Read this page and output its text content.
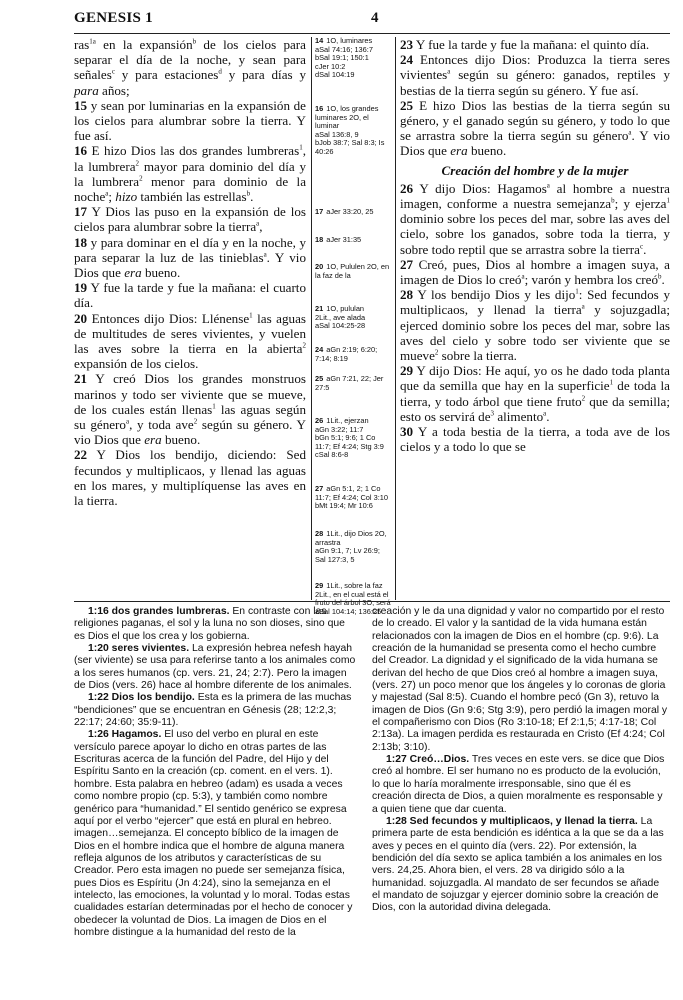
GENESIS 1	4

ras$^{1a}$ en la expansión$^b$ de los cielos para separar el día de la noche, y sean para señales$^c$ y para estaciones$^d$ y para días y para años;

15 y sean por luminarias en la expansión de los cielos para alumbrar sobre la tierra. Y fue así.

16 E hizo Dios las dos grandes lumbreras$^1$, la lumbrera$^2$ mayor para dominio del día y la lumbrera$^2$ menor para dominio de la noche$^a$; hizo también las estrellas$^b$.

17 Y Dios las puso en la expansión de los cielos para alumbrar sobre la tierra$^a$,

18 y para dominar en el día y en la noche, y para separar la luz de las tinieblas$^a$. Y vio Dios que era bueno.

19 Y fue la tarde y fue la mañana: el cuarto día.

20 Entonces dijo Dios: Llénense$^1$ las aguas de multitudes de seres vivientes, y vuelen las aves sobre la tierra en la abierta$^2$ expansión de los cielos.

21 Y creó Dios los grandes monstruos marinos y todo ser viviente que se mueve, de los cuales están llenas$^1$ las aguas según su género$^a$, y toda ave$^2$ según su género. Y vio Dios que era bueno.

22 Y Dios los bendijo, diciendo: Sed fecundos y multiplicaos, y llenad las aguas en los mares, y multiplíquense las aves en la tierra.

14 1O, luminares

aSal 74:16; 136:7
bSal 19:1; 150:1
cJer 10:2
dSal 104:19
16 1O, los grandes luminares 2O, el luminar

aSal 136:8, 9
bJob 38:7; Sal 8:3; Is 40:26
17 aJer 33:20, 25

18 aJer 31:35

20 1O, Pululen 2O, en la faz de la

21 1O, pululan

2Lit., ave alada
aSal 104:25-28
24 aGn 2:19; 6:20; 7:14; 8:19

25 aGn 7:21, 22; Jer 27:5

26 1Lit., ejerzan

aGn 3:22; 11:7
bGn 5:1; 9:6; 1 Co 11:7; Ef 4:24; Stg 3:9 cSal 8:6-8
27 aGn 5:1, 2; 1 Co 11:7; Ef 4:24; Col 3:10 bMt 19:4; Mr 10:6

28 1Lit., dijo Dios 2O, arrastra

aGn 9:1, 7; Lv 26:9; Sal 127:3, 5
29 1Lit., sobre la faz 2Lit., en el cual está el fruto del árbol 3O, será

aSal 104:14; 136:25

23 Y fue la tarde y fue la mañana: el quinto día.

24 Entonces dijo Dios: Produzca la tierra seres vivientes$^a$ según su género: ganados, reptiles y bestias de la tierra según su género. Y fue así.

25 E hizo Dios las bestias de la tierra según su género, y el ganado según su género, y todo lo que se arrastra sobre la tierra según su género$^a$. Y vio Dios que era bueno.

Creación del hombre y de la mujer

26 Y dijo Dios: Hagamos$^a$ al hombre a nuestra imagen, conforme a nuestra semejanza$^b$; y ejerza$^1$ dominio sobre los peces del mar, sobre las aves del cielo, sobre los ganados, sobre toda la tierra, y sobre todo reptil que se arrastra sobre la tierra$^c$.

27 Creó, pues, Dios al hombre a imagen suya, a imagen de Dios lo creó$^a$; varón y hembra los creó$^b$.

28 Y los bendijo Dios y les dijo$^1$: Sed fecundos y multiplicaos, y llenad la tierra$^a$ y sojuzgadla; ejerced dominio sobre los peces del mar, sobre las aves del cielo y sobre todo ser viviente que se mueve$^2$ sobre la tierra.

29 Y dijo Dios: He aquí, yo os he dado toda planta que da semilla que hay en la superficie$^1$ de toda la tierra, y todo árbol que tiene fruto$^2$ que da semilla; esto os servirá $de^3$ alimento$^a$.

30 Y a toda bestia de la tierra, a toda ave de los cielos y a todo lo que se

1:16 dos grandes lumbreras. En contraste con las religiones paganas, el sol y la luna no son dioses, sino que es Dios el que los crea y los gobierna.

1:20 seres vivientes. La expresión hebrea nefesh hayah (ser viviente) se usa para referirse tanto a los animales como a los seres humanos (cp. vers. 21, 24; 2:7). Pero la imagen de Dios (vers. 26) hace al hombre diferente de los animales.

1:22 Dios los bendijo. Esta es la primera de las muchas “bendiciones” que se encuentran en Génesis (28; 12:2,3; 22:17; 24:60; 35:9-11).

1:26 Hagamos. El uso del verbo en plural en este versículo parece apoyar lo dicho en otras partes de las Escrituras acerca de la función del Padre, del Hijo y del Espíritu Santo en la creación (cp. coment. en el vers. 1). hombre. Esta palabra en hebreo (adam) es usada a veces como nombre propio (cp. 5:3), y también como nombre genérico para “humanidad.” El sentido genérico se expresa aquí por el verbo “ejercer” que está en plural en hebreo. imagen…semejanza. El concepto bíblico de la imagen de Dios en el hombre indica que el hombre de alguna manera refleja algunos de los atributos y características de su Creador. Pero esta imagen no puede ser semejanza física, pues Dios es Espíritu (Jn 4:24), sino la semejanza en el intelecto, las emociones, la voluntad y lo moral. Todas estas cualidades estarían determinadas por el hecho de conocer y obedecer la voluntad de Dios. La imagen de Dios en el hombre distingue a la humanidad del resto de la

creación y le da una dignidad y valor no compartido por el resto de lo creado. El valor y la santidad de la vida humana están relacionados con la imagen de Dios en el hombre (cp. 9:6). La creación de la humanidad se presenta como el hecho cumbre del Creador. La dignidad y el significado de la vida humana se derivan del hecho de que Dios creó al hombre a imagen suya, (vers. 27) un poco menor que los ángeles y lo coronas de gloria y majestad (Sal 8:5). Cuando el hombre pecó (Gn 3), retuvo la imagen de Dios (Gn 9:6; Stg 3:9), pero perdió la imagen moral y el compañerismo con Dios (Ro 3:10-18; Ef 2:1,5; 4:17-18; Col 2:13a). La imagen perdida es restaurada en Cristo (Ef 4:24; Col 2:13b; 3:10).

1:27 Creó…Dios. Tres veces en este vers. se dice que Dios creó al hombre. El ser humano no es producto de la evolución, lo que lo haría moralmente irresponsable, sino que él es creación directa de Dios, a quien moralmente es responsable y a quien tiene que dar cuenta.

1:28 Sed fecundos y multiplicaos, y llenad la tierra. La primera parte de esta bendición es idéntica a la que se da a las aves y peces en el quinto día (vers. 22). Por extensión, la bendición del día sexto se aplica también a los animales en los vers. 24,25. Ahora bien, el vers. 28 va dirigido sólo a la humanidad. sojuzgadla. Al mandato de ser fecundos se añade el mandato de sojuzgar y ejercer dominio sobre la creación de Dios, con la autoridad divina delegada.
